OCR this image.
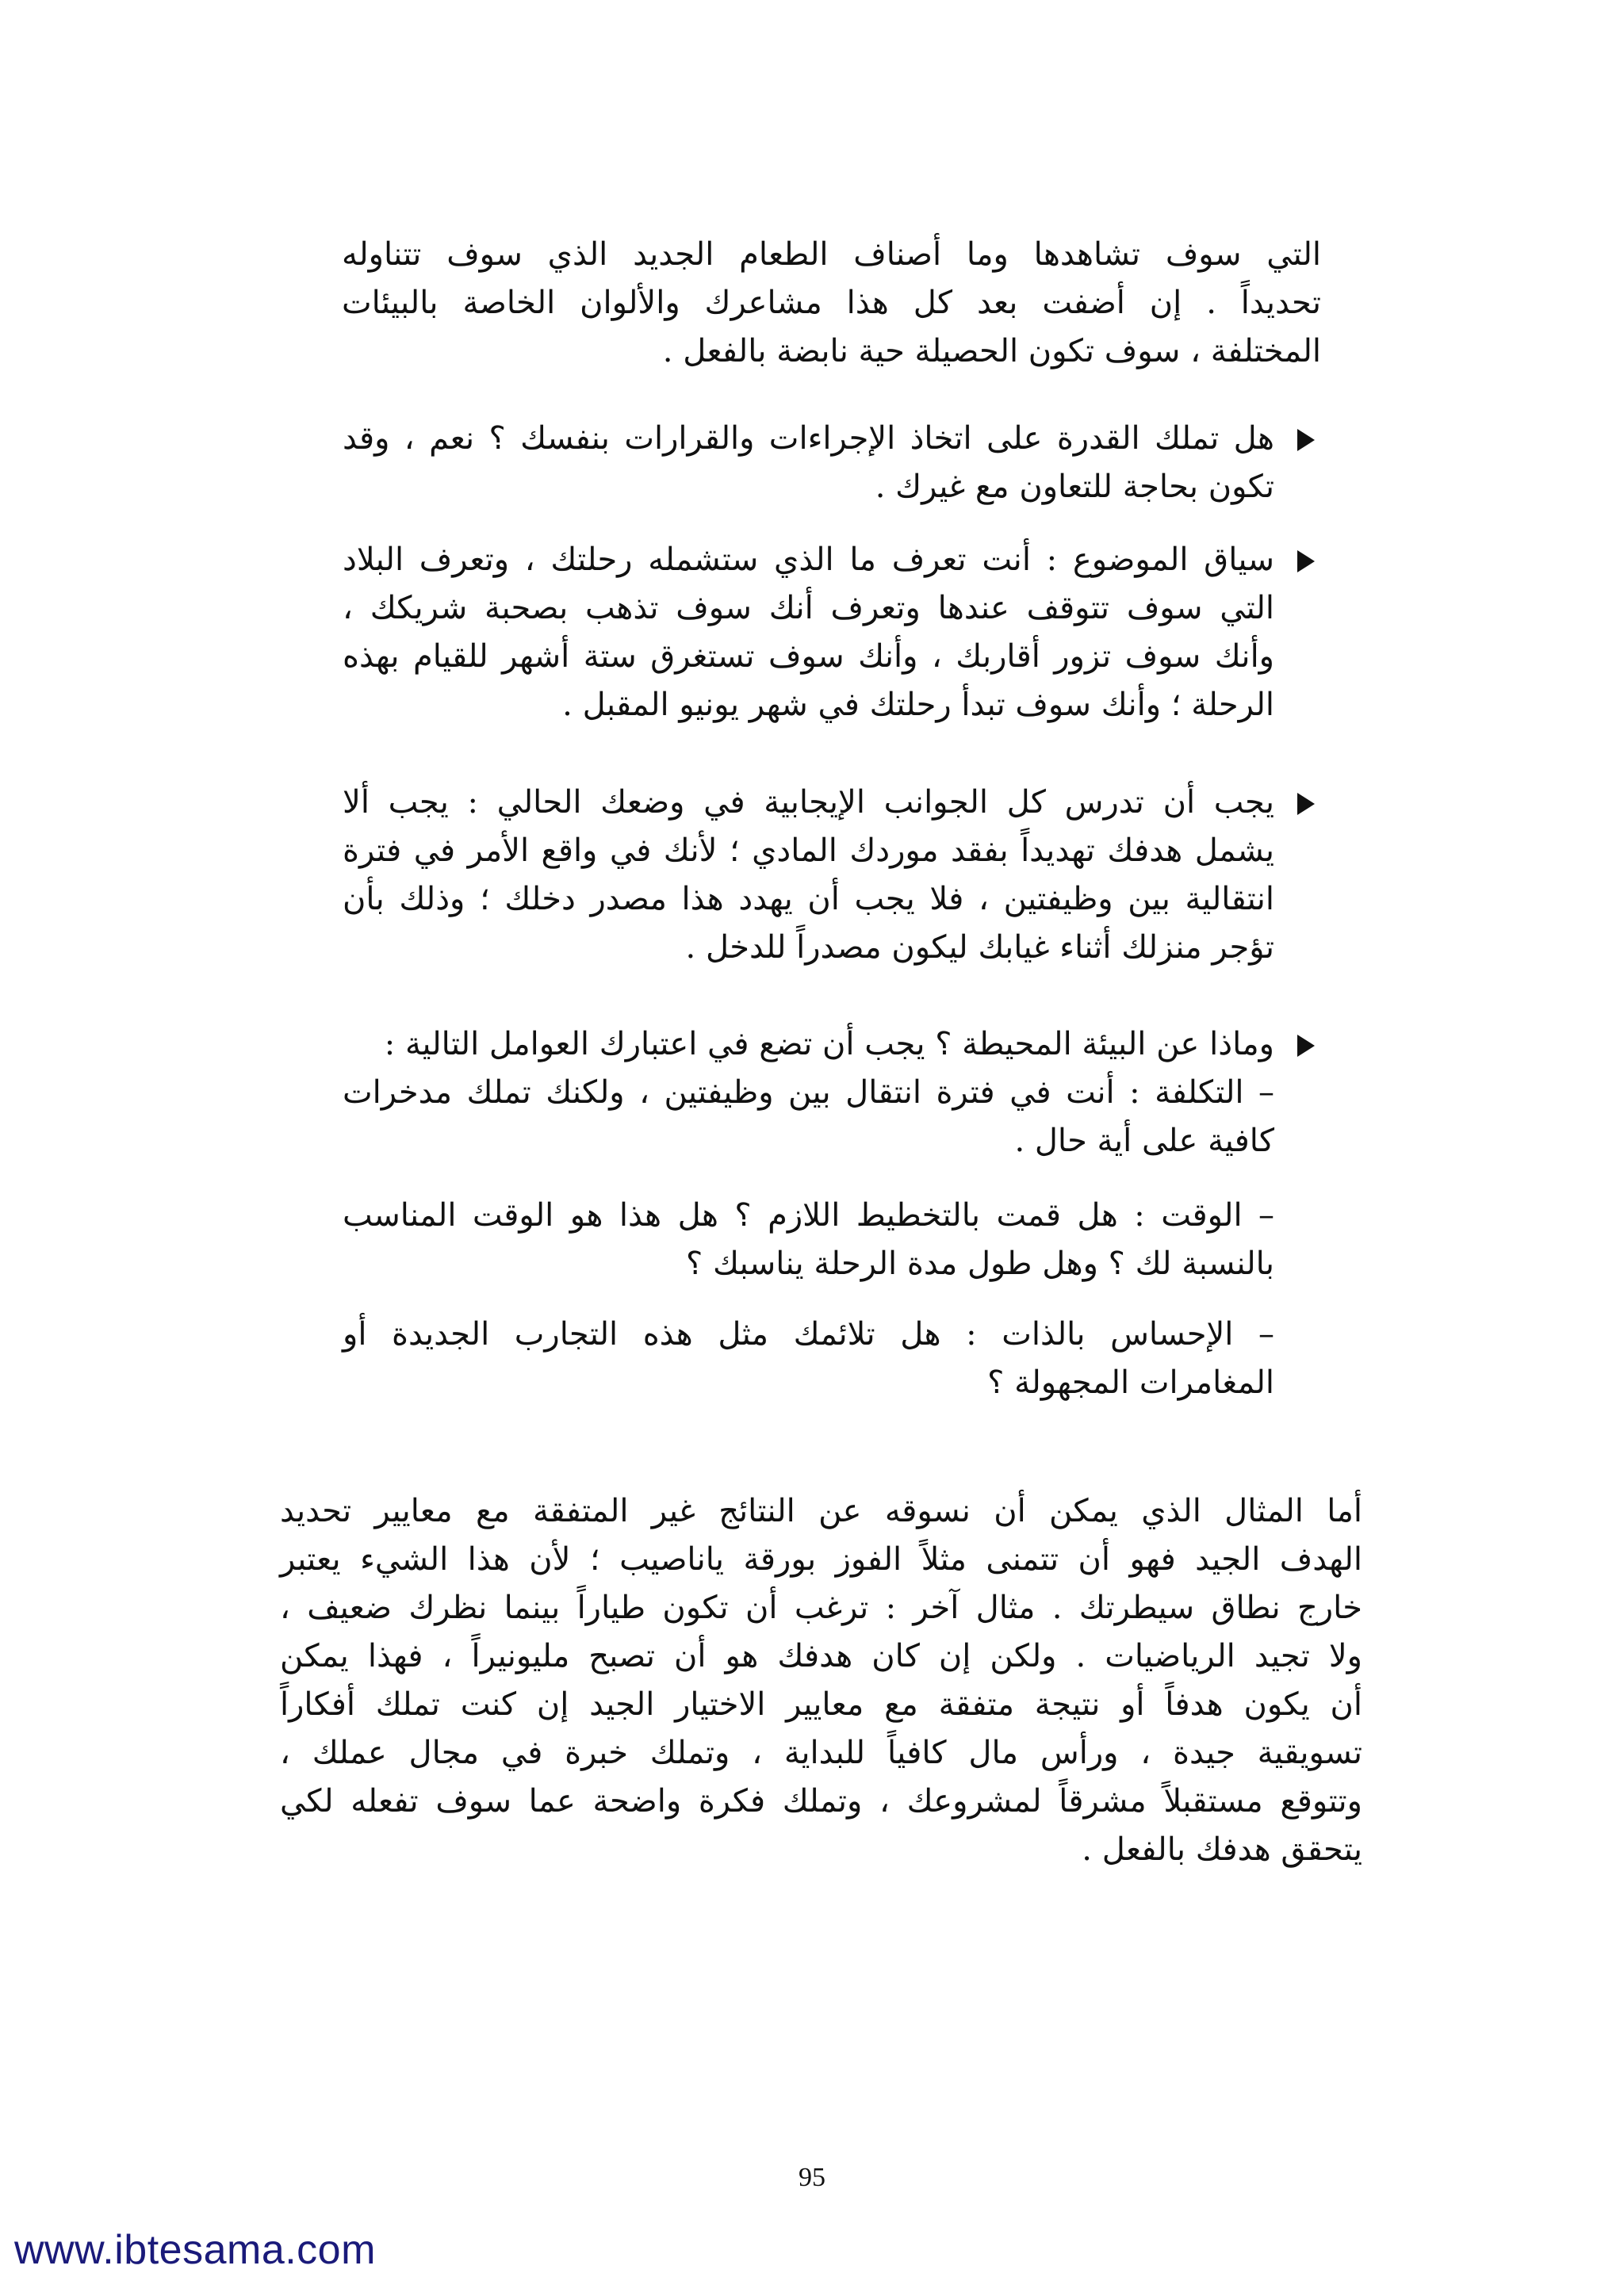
التي سوف تشاهدها وما أصناف الطعام الجديد الذي سوف تتناوله
تحديداً . إن أضفت بعد كل هذا مشاعرك والألوان الخاصة بالبيئات
المختلفة ، سوف تكون الحصيلة حية نابضة بالفعل .
هل تملك القدرة على اتخاذ الإجراءات والقرارات بنفسك ؟ نعم ، وقد
تكون بحاجة للتعاون مع غيرك .
سياق الموضوع : أنت تعرف ما الذي ستشمله رحلتك ، وتعرف البلاد
التي سوف تتوقف عندها وتعرف أنك سوف تذهب بصحبة شريكك ،
وأنك سوف تزور أقاربك ، وأنك سوف تستغرق ستة أشهر للقيام بهذه
الرحلة ؛ وأنك سوف تبدأ رحلتك في شهر يونيو المقبل .
يجب أن تدرس كل الجوانب الإيجابية في وضعك الحالي : يجب ألا
يشمل هدفك تهديداً بفقد موردك المادي ؛ لأنك في واقع الأمر في فترة
انتقالية بين وظيفتين ، فلا يجب أن يهدد هذا مصدر دخلك ؛ وذلك بأن
تؤجر منزلك أثناء غيابك ليكون مصدراً للدخل .
وماذا عن البيئة المحيطة ؟ يجب أن تضع في اعتبارك العوامل التالية :
– التكلفة : أنت في فترة انتقال بين وظيفتين ، ولكنك تملك مدخرات
كافية على أية حال .
– الوقت : هل قمت بالتخطيط اللازم ؟ هل هذا هو الوقت المناسب
بالنسبة لك ؟ وهل طول مدة الرحلة يناسبك ؟
– الإحساس بالذات : هل تلائمك مثل هذه التجارب الجديدة أو
المغامرات المجهولة ؟
أما المثال الذي يمكن أن نسوقه عن النتائج غير المتفقة مع معايير تحديد
الهدف الجيد فهو أن تتمنى مثلاً الفوز بورقة ياناصيب ؛ لأن هذا الشيء يعتبر
خارج نطاق سيطرتك . مثال آخر : ترغب أن تكون طياراً بينما نظرك ضعيف ،
ولا تجيد الرياضيات . ولكن إن كان هدفك هو أن تصبح مليونيراً ، فهذا يمكن
أن يكون هدفاً أو نتيجة متفقة مع معايير الاختيار الجيد إن كنت تملك أفكاراً
تسويقية جيدة ، ورأس مال كافياً للبداية ، وتملك خبرة في مجال عملك ،
وتتوقع مستقبلاً مشرقاً لمشروعك ، وتملك فكرة واضحة عما سوف تفعله لكي
يتحقق هدفك بالفعل .
95
www.ibtesama.com
